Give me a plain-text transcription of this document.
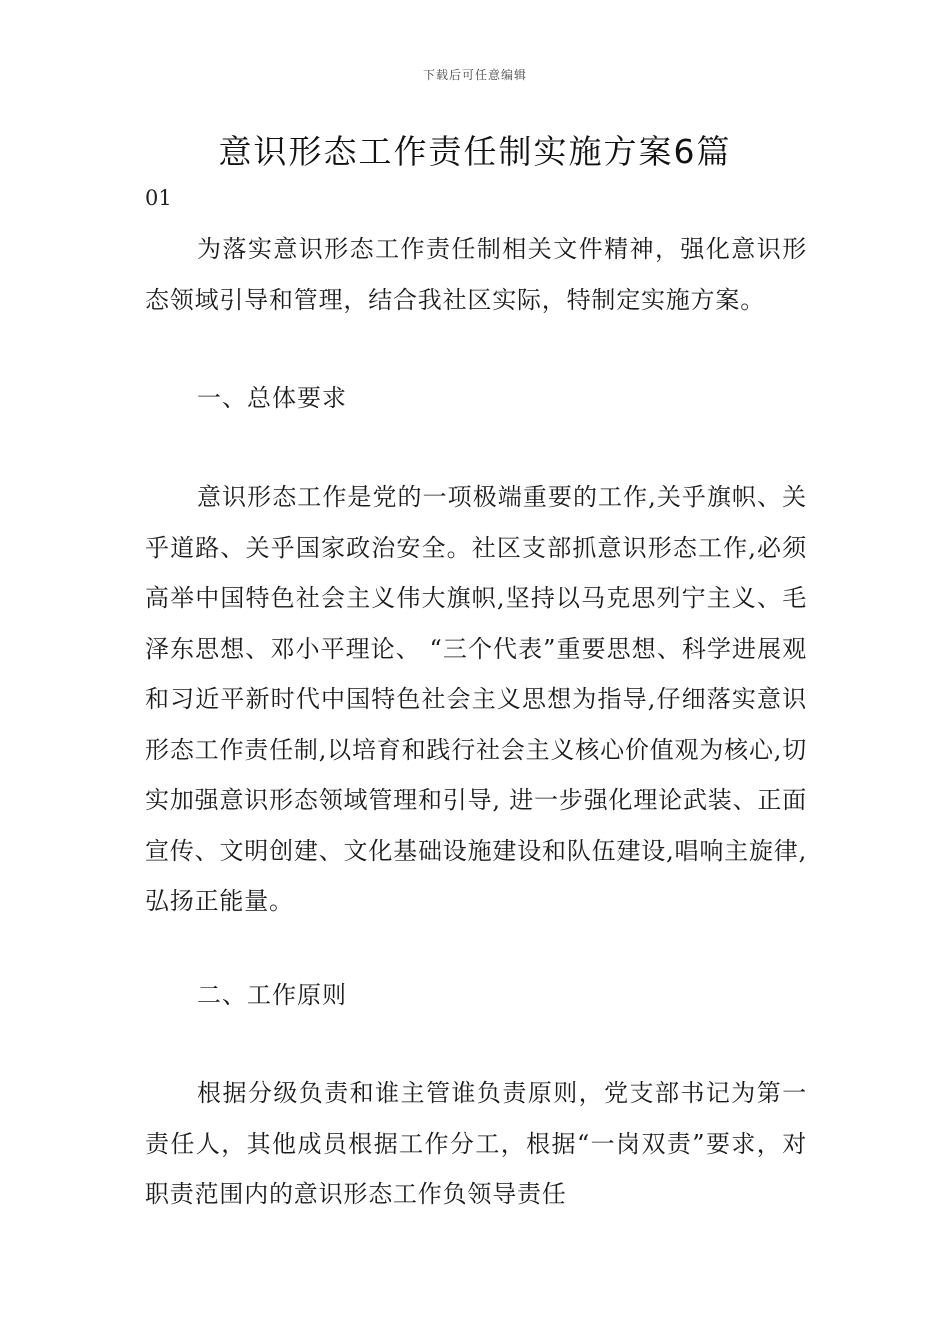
下载后可任意编辑
意识形态工作责任制实施方案6篇
01
为落实意识形态工作责任制相关文件精神，强化意识形态领域引导和管理，结合我社区实际，特制定实施方案。
一、总体要求
意识形态工作是党的一项极端重要的工作,关乎旗帜、关乎道路、关乎国家政治安全。社区支部抓意识形态工作,必须高举中国特色社会主义伟大旗帜,坚持以马克思列宁主义、毛泽东思想、邓小平理论、 “三个代表”重要思想、科学进展观和习近平新时代中国特色社会主义思想为指导,仔细落实意识形态工作责任制,以培育和践行社会主义核心价值观为核心,切实加强意识形态领域管理和引导, 进一步强化理论武装、正面宣传、文明创建、文化基础设施建设和队伍建设,唱响主旋律,弘扬正能量。
二、工作原则
根据分级负责和谁主管谁负责原则，党支部书记为第一责任人，其他成员根据工作分工，根据“一岗双责”要求，对职责范围内的意识形态工作负领导责任
